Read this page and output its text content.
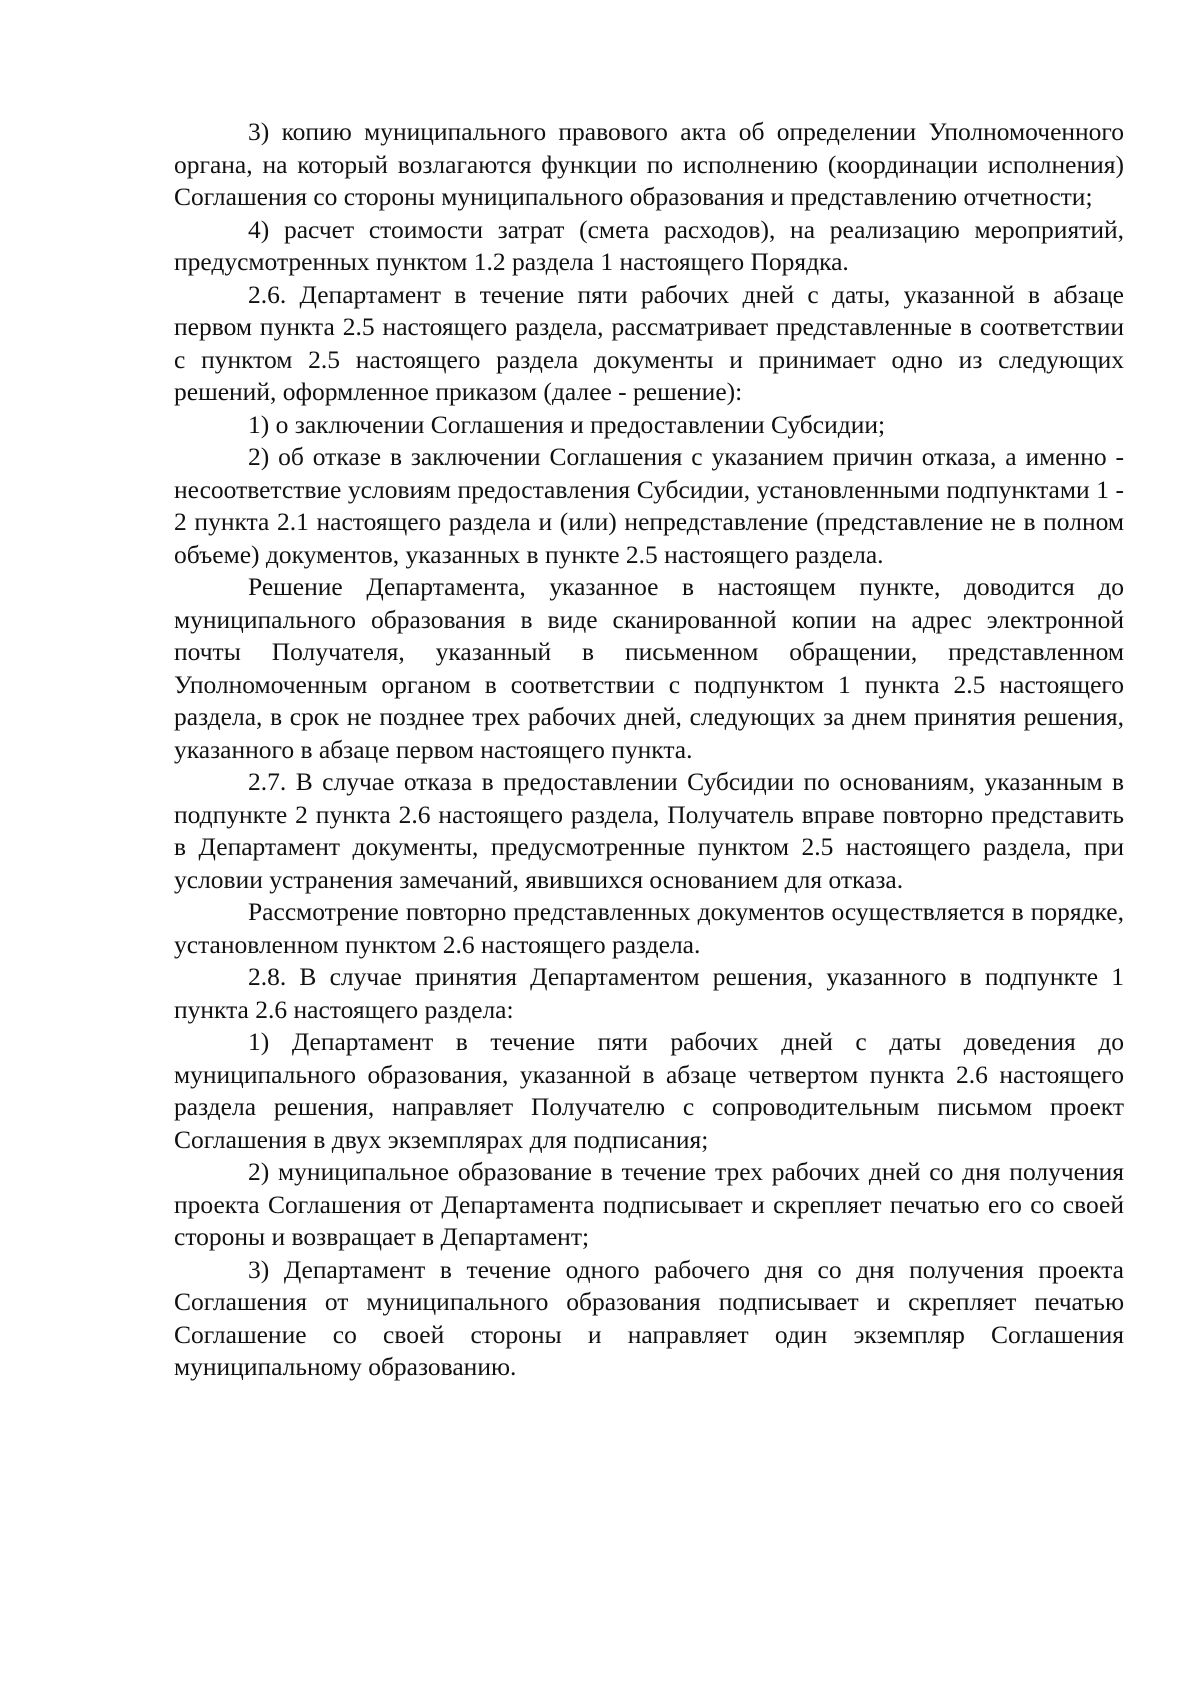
3) копию муниципального правового акта об определении Уполномоченного органа, на который возлагаются функции по исполнению (координации исполнения) Соглашения со стороны муниципального образования и представлению отчетности;

4) расчет стоимости затрат (смета расходов), на реализацию мероприятий, предусмотренных пунктом 1.2 раздела 1 настоящего Порядка.

2.6. Департамент в течение пяти рабочих дней с даты, указанной в абзаце первом пункта 2.5 настоящего раздела, рассматривает представленные в соответствии с пунктом 2.5 настоящего раздела документы и принимает одно из следующих решений, оформленное приказом (далее - решение):

1) о заключении Соглашения и предоставлении Субсидии;

2) об отказе в заключении Соглашения с указанием причин отказа, а именно - несоответствие условиям предоставления Субсидии, установленными подпунктами 1 - 2 пункта 2.1 настоящего раздела и (или) непредставление (представление не в полном объеме) документов, указанных в пункте 2.5 настоящего раздела.

Решение Департамента, указанное в настоящем пункте, доводится до муниципального образования в виде сканированной копии на адрес электронной почты Получателя, указанный в письменном обращении, представленном Уполномоченным органом в соответствии с подпунктом 1 пункта 2.5 настоящего раздела, в срок не позднее трех рабочих дней, следующих за днем принятия решения, указанного в абзаце первом настоящего пункта.

2.7. В случае отказа в предоставлении Субсидии по основаниям, указанным в подпункте 2 пункта 2.6 настоящего раздела, Получатель вправе повторно представить в Департамент документы, предусмотренные пунктом 2.5 настоящего раздела, при условии устранения замечаний, явившихся основанием для отказа.

Рассмотрение повторно представленных документов осуществляется в порядке, установленном пунктом 2.6 настоящего раздела.

2.8. В случае принятия Департаментом решения, указанного в подпункте 1 пункта 2.6 настоящего раздела:

1) Департамент в течение пяти рабочих дней с даты доведения до муниципального образования, указанной в абзаце четвертом пункта 2.6 настоящего раздела решения, направляет Получателю с сопроводительным письмом проект Соглашения в двух экземплярах для подписания;

2) муниципальное образование в течение трех рабочих дней со дня получения проекта Соглашения от Департамента подписывает и скрепляет печатью его со своей стороны и возвращает в Департамент;

3) Департамент в течение одного рабочего дня со дня получения проекта Соглашения от муниципального образования подписывает и скрепляет печатью Соглашение со своей стороны и направляет один экземпляр Соглашения муниципальному образованию.
